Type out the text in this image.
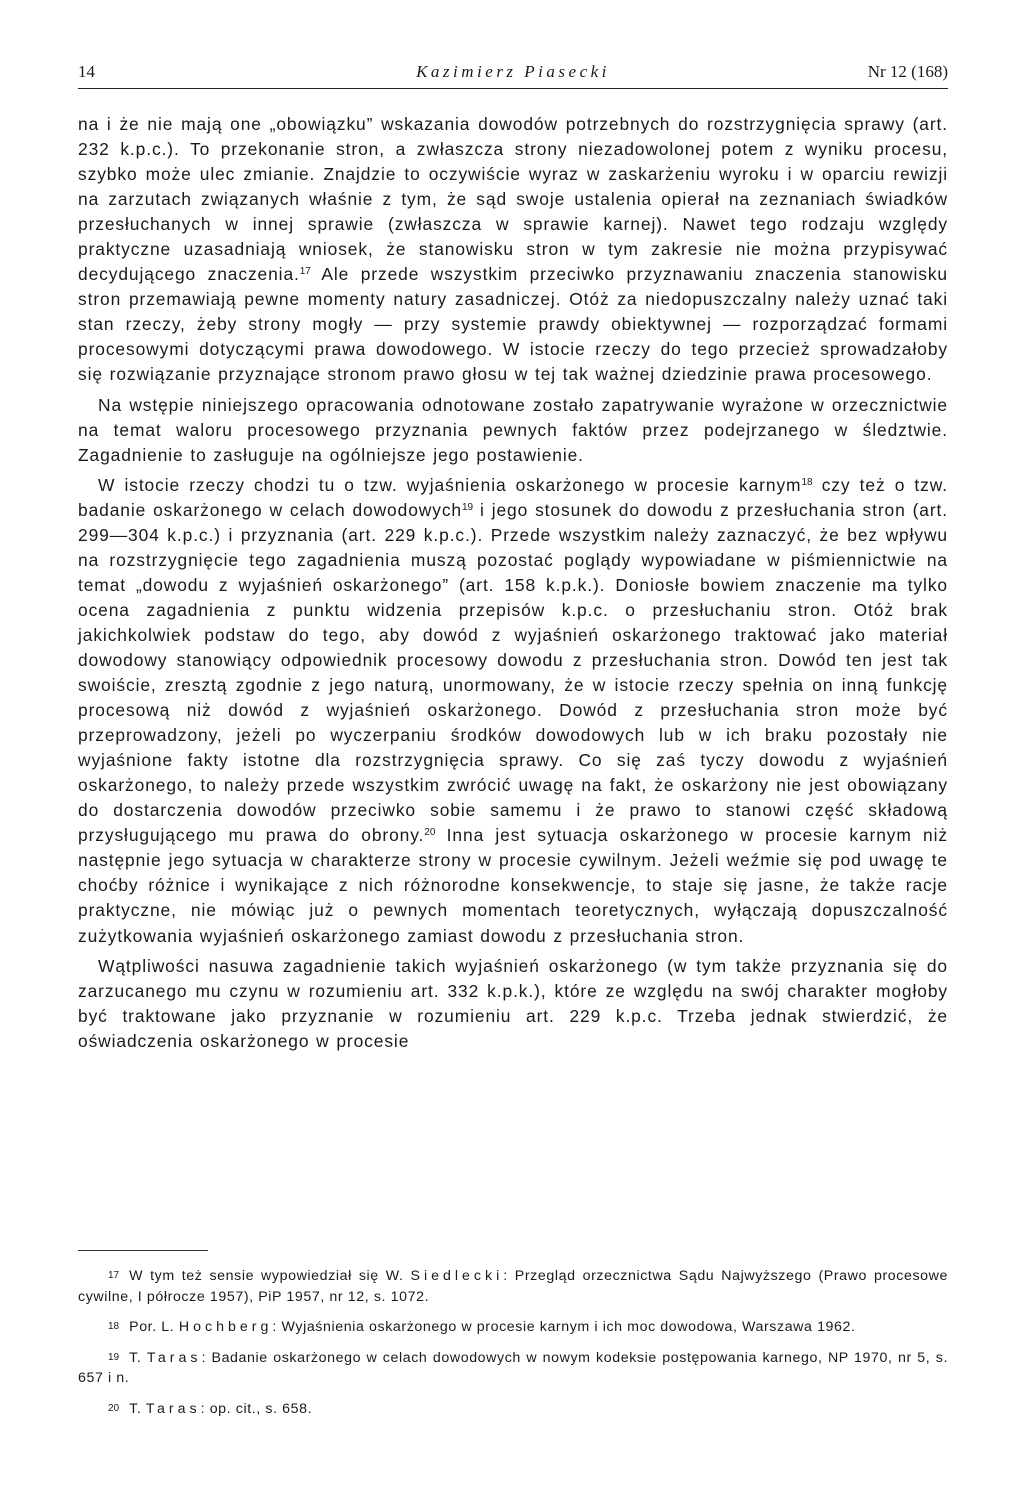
14	Kazimierz Piasecki	Nr 12 (168)

na i że nie mają one „obowiązku” wskazania dowodów potrzebnych do rozstrzygnięcia sprawy (art. 232 k.p.c.). To przekonanie stron, a zwłaszcza strony niezadowolonej potem z wyniku procesu, szybko może ulec zmianie. Znajdzie to oczywiście wyraz w zaskarżeniu wyroku i w oparciu rewizji na zarzutach związanych właśnie z tym, że sąd swoje ustalenia opierał na zeznaniach świadków przesłuchanych w innej sprawie (zwłaszcza w sprawie karnej). Nawet tego rodzaju względy praktyczne uzasadniają wniosek, że stanowisku stron w tym zakresie nie można przypisywać decydującego znaczenia.$^{17}$ Ale przede wszystkim przeciwko przyznawaniu znaczenia stanowisku stron przemawiają pewne momenty natury zasadniczej. Otóż za niedopuszczalny należy uznać taki stan rzeczy, żeby strony mogły — przy systemie prawdy obiektywnej — rozporządzać formami procesowymi dotyczącymi prawa dowodowego. W istocie rzeczy do tego przecież sprowadzałoby się rozwiązanie przyznające stronom prawo głosu w tej tak ważnej dziedzinie prawa procesowego.

Na wstępie niniejszego opracowania odnotowane zostało zapatrywanie wyrażone w orzecznictwie na temat waloru procesowego przyznania pewnych faktów przez podejrzanego w śledztwie. Zagadnienie to zasługuje na ogólniejsze jego postawienie.

W istocie rzeczy chodzi tu o tzw. wyjaśnienia oskarżonego w procesie karnym$^{18}$ czy też o tzw. badanie oskarżonego w celach dowodowych$^{19}$ i jego stosunek do dowodu z przesłuchania stron (art. 299—304 k.p.c.) i przyznania (art. 229 k.p.c.). Przede wszystkim należy zaznaczyć, że bez wpływu na rozstrzygnięcie tego zagadnienia muszą pozostać poglądy wypowiadane w piśmiennictwie na temat „dowodu z wyjaśnień oskarżonego” (art. 158 k.p.k.). Doniosłe bowiem znaczenie ma tylko ocena zagadnienia z punktu widzenia przepisów k.p.c. o przesłuchaniu stron. Otóż brak jakichkolwiek podstaw do tego, aby dowód z wyjaśnień oskarżonego traktować jako materiał dowodowy stanowiący odpowiednik procesowy dowodu z przesłuchania stron. Dowód ten jest tak swoiście, zresztą zgodnie z jego naturą, unormowany, że w istocie rzeczy spełnia on inną funkcję procesową niż dowód z wyjaśnień oskarżonego. Dowód z przesłuchania stron może być przeprowadzony, jeżeli po wyczerpaniu środków dowodowych lub w ich braku pozostały nie wyjaśnione fakty istotne dla rozstrzygnięcia sprawy. Co się zaś tyczy dowodu z wyjaśnień oskarżonego, to należy przede wszystkim zwrócić uwagę na fakt, że oskarżony nie jest obowiązany do dostarczenia dowodów przeciwko sobie samemu i że prawo to stanowi część składową przysługującego mu prawa do obrony.$^{20}$ Inna jest sytuacja oskarżonego w procesie karnym niż następnie jego sytuacja w charakterze strony w procesie cywilnym. Jeżeli weźmie się pod uwagę te choćby różnice i wynikające z nich różnorodne konsekwencje, to staje się jasne, że także racje praktyczne, nie mówiąc już o pewnych momentach teoretycznych, wyłączają dopuszczalność zużytkowania wyjaśnień oskarżonego zamiast dowodu z przesłuchania stron.

Wątpliwości nasuwa zagadnienie takich wyjaśnień oskarżonego (w tym także przyznania się do zarzucanego mu czynu w rozumieniu art. 332 k.p.k.), które ze względu na swój charakter mogłoby być traktowane jako przyznanie w rozumieniu art. 229 k.p.c. Trzeba jednak stwierdzić, że oświadczenia oskarżonego w procesie

17 W tym też sensie wypowiedział się W. Siedlecki: Przegląd orzecznictwa Sądu Najwyższego (Prawo procesowe cywilne, I półrocze 1957), PiP 1957, nr 12, s. 1072.
18 Por. L. Hochberg: Wyjaśnienia oskarżonego w procesie karnym i ich moc dowodowa, Warszawa 1962.
19 T. Taras: Badanie oskarżonego w celach dowodowych w nowym kodeksie postępowania karnego, NP 1970, nr 5, s. 657 i n.
20 T. Taras: op. cit., s. 658.
